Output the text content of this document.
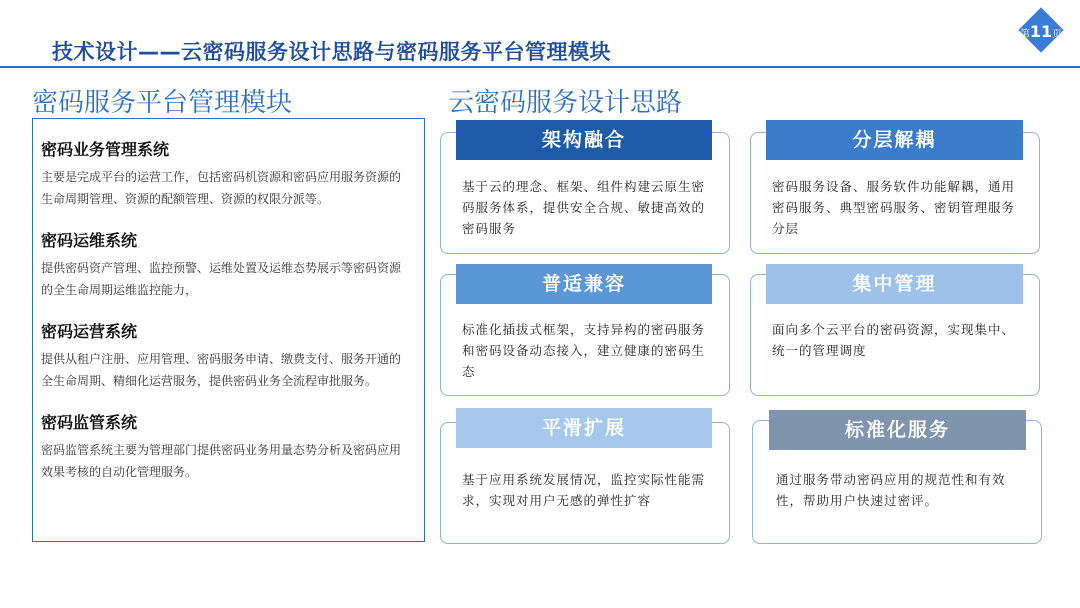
技术设计——云密码服务设计思路与密码服务平台管理模块
第11页
密码服务平台管理模块	云密码服务设计思路
密码业务管理系统
主要是完成平台的运营工作，包括密码机资源和密码应用服务资源的生命周期管理、资源的配额管理、资源的权限分派等。
密码运维系统
提供密码资产管理、监控预警、运维处置及运维态势展示等密码资源的全生命周期运维监控能力，
密码运营系统
提供从租户注册、应用管理、密码服务申请、缴费支付、服务开通的全生命周期、精细化运营服务，提供密码业务全流程审批服务。
密码监管系统
密码监管系统主要为管理部门提供密码业务用量态势分析及密码应用效果考核的自动化管理服务。
架构融合
基于云的理念、框架、组件构建云原生密码服务体系，提供安全合规、敏捷高效的密码服务
分层解耦
密码服务设备、服务软件功能解耦，通用密码服务、典型密码服务、密钥管理服务分层
普适兼容
标准化插拔式框架，支持异构的密码服务和密码设备动态接入，建立健康的密码生态
集中管理
面向多个云平台的密码资源，实现集中、统一的管理调度
平滑扩展
基于应用系统发展情况，监控实际性能需求，实现对用户无感的弹性扩容
标准化服务
通过服务带动密码应用的规范性和有效性，帮助用户快速过密评。
